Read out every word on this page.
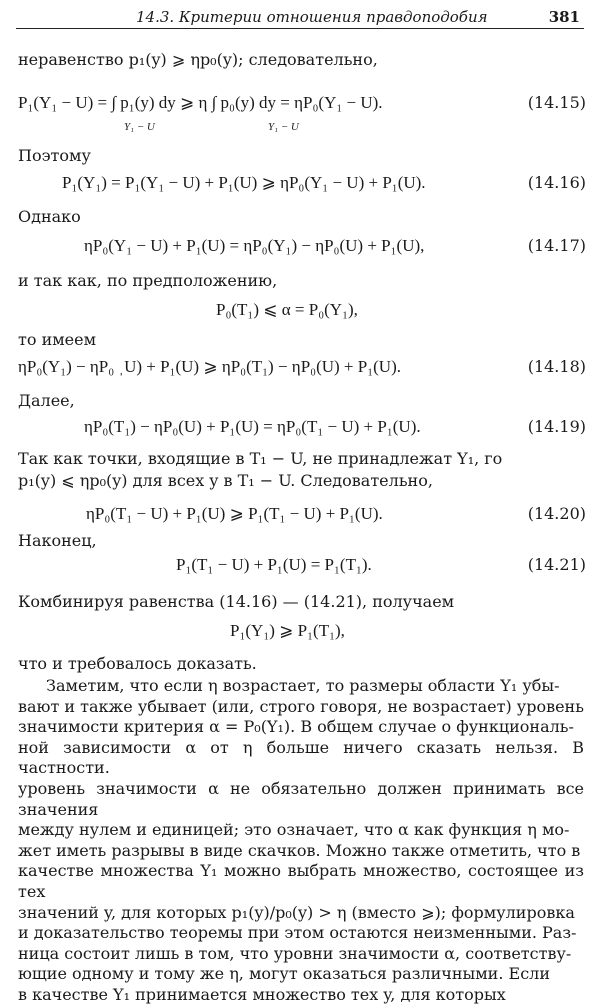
14.3. Критерии отношения правдоподобия	381
неравенство p₁(y) ⩾ ηp₀(y); следовательно,
P₁(Y₁ − U) = ∫ p₁(y) dy ⩾ η ∫ p₀(y) dy = ηP₀(Y₁ − U).
Y₁ − U	Y₁ − U
(14.15)
Поэтому
P₁(Y₁) = P₁(Y₁ − U) + P₁(U) ⩾ ηP₀(Y₁ − U) + P₁(U).	(14.16)
Однако
ηP₀(Y₁ − U) + P₁(U) = ηP₀(Y₁) − ηP₀(U) + P₁(U),	(14.17)
и так как, по предположению,
P₀(T₁) ⩽ α = P₀(Y₁),
то имеем
ηP₀(Y₁) − ηP₀ ˌU) + P₁(U) ⩾ ηP₀(T₁) − ηP₀(U) + P₁(U).	(14.18)
Далее,
ηP₀(T₁) − ηP₀(U) + P₁(U) = ηP₀(T₁ − U) + P₁(U).	(14.19)
Так как точки, входящие в T₁ − U, не принадлежат Y₁, го
p₁(y) ⩽ ηp₀(y) для всех y в T₁ − U. Следовательно,
ηP₀(T₁ − U) + P₁(U) ⩾ P₁(T₁ − U) + P₁(U).	(14.20)
Наконец,
P₁(T₁ − U) + P₁(U) = P₁(T₁).	(14.21)
Комбинируя равенства (14.16) — (14.21), получаем
P₁(Y₁) ⩾ P₁(T₁),
что и требовалось доказать.
Заметим, что если η возрастает, то размеры области Y₁ убы-
вают и также убывает (или, строго говоря, не возрастает) уровень
значимости критерия α = P₀(Y₁). В общем случае о функциональ-
ной зависимости α от η больше ничего сказать нельзя. В частности.
уровень значимости α не обязательно должен принимать все значения
между нулем и единицей; это означает, что α как функция η мо-
жет иметь разрывы в виде скачков. Можно также отметить, что в
качестве множества Y₁ можно выбрать множество, состоящее из тех
значений y, для которых p₁(y)/p₀(y) > η (вместо ⩾); формулировка
и доказательство теоремы при этом остаются неизменными. Раз-
ница состоит лишь в том, что уровни значимости α, соответству-
ющие одному и тому же η, могут оказаться различными. Если
в качестве Y₁ принимается множество тех y, для которых
